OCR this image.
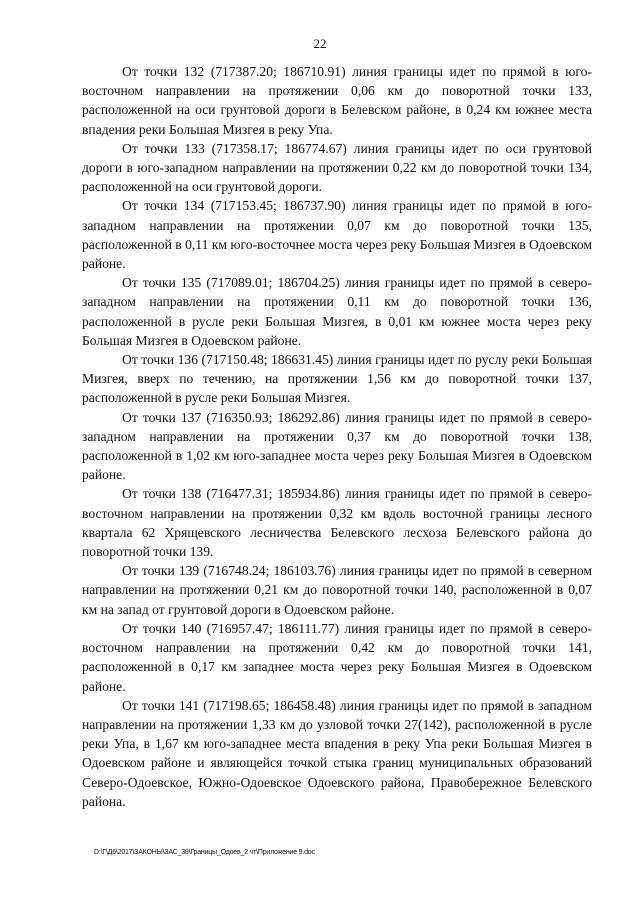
22

От точки 132 (717387.20; 186710.91) линия границы идет по прямой в юго-восточном направлении на протяжении 0,06 км до поворотной точки 133, расположенной на оси грунтовой дороги в Белевском районе, в 0,24 км южнее места впадения реки Большая Мизгея в реку Упа.

От точки 133 (717358.17; 186774.67) линия границы идет по оси грунтовой дороги в юго-западном направлении на протяжении 0,22 км до поворотной точки 134, расположенной на оси грунтовой дороги.

От точки 134 (717153.45; 186737.90) линия границы идет по прямой в юго-западном направлении на протяжении 0,07 км до поворотной точки 135, расположенной в 0,11 км юго-восточнее моста через реку Большая Мизгея в Одоевском районе.

От точки 135 (717089.01; 186704.25) линия границы идет по прямой в северо-западном направлении на протяжении 0,11 км до поворотной точки 136, расположенной в русле реки Большая Мизгея, в 0,01 км южнее моста через реку Большая Мизгея в Одоевском районе.

От точки 136 (717150.48; 186631.45) линия границы идет по руслу реки Большая Мизгея, вверх по течению, на протяжении 1,56 км до поворотной точки 137, расположенной в русле реки Большая Мизгея.

От точки 137 (716350.93; 186292.86) линия границы идет по прямой в северо-западном направлении на протяжении 0,37 км до поворотной точки 138, расположенной в 1,02 км юго-западнее моста через реку Большая Мизгея в Одоевском районе.

От точки 138 (716477.31; 185934.86) линия границы идет по прямой в северо-восточном направлении на протяжении 0,32 км вдоль восточной границы лесного квартала 62 Хрящевского лесничества Белевского лесхоза Белевского района до поворотной точки 139.

От точки 139 (716748.24; 186103.76) линия границы идет по прямой в северном направлении на протяжении 0,21 км до поворотной точки 140, расположенной в 0,07 км на запад от грунтовой дороги в Одоевском районе.

От точки 140 (716957.47; 186111.77) линия границы идет по прямой в северо-восточном направлении на протяжении 0,42 км до поворотной точки 141, расположенной в 0,17 км западнее моста через реку Большая Мизгея в Одоевском районе.

От точки 141 (717198.65; 186458.48) линия границы идет по прямой в западном направлении на протяжении 1,33 км до узловой точки 27(142), расположенной в русле реки Упа, в 1,67 км юго-западнее места впадения в реку Упа реки Большая Мизгея в Одоевском районе и являющейся точкой стыка границ муниципальных образований Северо-Одоевское, Южно-Одоевское Одоевского района, Правобережное Белевского района.

D:\Г\Д6\2017\ЗАКОНЫ\ЗАС_38\Границы_Одоев_2 чт\Приложение 9.doc
